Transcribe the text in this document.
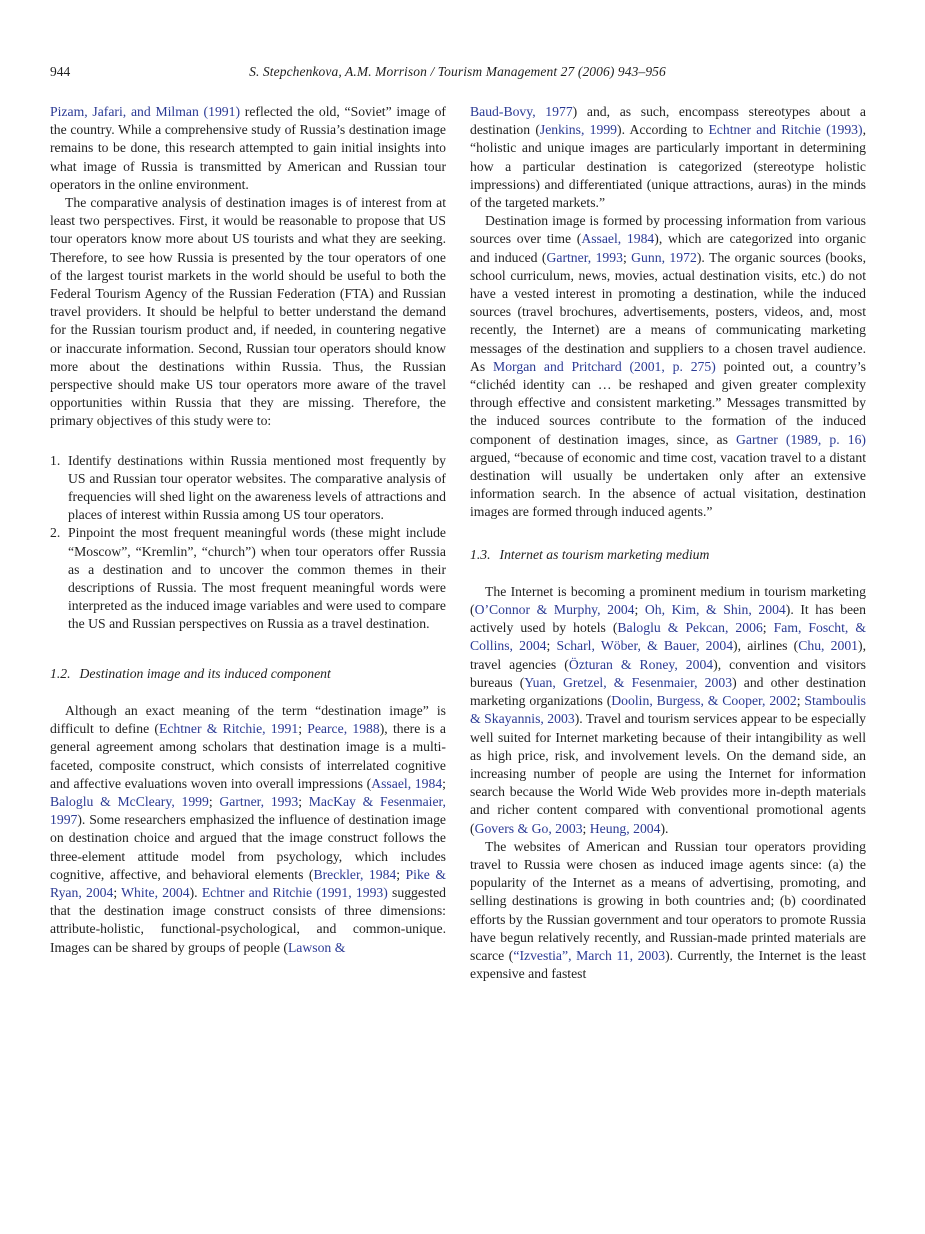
944	S. Stepchenkova, A.M. Morrison / Tourism Management 27 (2006) 943–956

Pizam, Jafari, and Milman (1991) reflected the old, “Soviet” image of the country. While a comprehensive study of Russia’s destination image remains to be done, this research attempted to gain initial insights into what image of Russia is transmitted by American and Russian tour operators in the online environment.

The comparative analysis of destination images is of interest from at least two perspectives. First, it would be reasonable to propose that US tour operators know more about US tourists and what they are seeking. Therefore, to see how Russia is presented by the tour operators of one of the largest tourist markets in the world should be useful to both the Federal Tourism Agency of the Russian Federation (FTA) and Russian travel providers. It should be helpful to better understand the demand for the Russian tourism product and, if needed, in countering negative or inaccurate information. Second, Russian tour operators should know more about the destinations within Russia. Thus, the Russian perspective should make US tour operators more aware of the travel opportunities within Russia that they are missing. Therefore, the primary objectives of this study were to:

1. Identify destinations within Russia mentioned most frequently by US and Russian tour operator websites. The comparative analysis of frequencies will shed light on the awareness levels of attractions and places of interest within Russia among US tour operators.
2. Pinpoint the most frequent meaningful words (these might include “Moscow”, “Kremlin”, “church”) when tour operators offer Russia as a destination and to uncover the common themes in their descriptions of Russia. The most frequent meaningful words were interpreted as the induced image variables and were used to compare the US and Russian perspectives on Russia as a travel destination.
1.2. Destination image and its induced component

Although an exact meaning of the term “destination image” is difficult to define (Echtner & Ritchie, 1991; Pearce, 1988), there is a general agreement among scholars that destination image is a multi-faceted, composite construct, which consists of interrelated cognitive and affective evaluations woven into overall impressions (Assael, 1984; Baloglu & McCleary, 1999; Gartner, 1993; MacKay & Fesenmaier, 1997). Some researchers emphasized the influence of destination image on destination choice and argued that the image construct follows the three-element attitude model from psychology, which includes cognitive, affective, and behavioral elements (Breckler, 1984; Pike & Ryan, 2004; White, 2004). Echtner and Ritchie (1991, 1993) suggested that the destination image construct consists of three dimensions: attribute-holistic, functional-psychological, and common-unique. Images can be shared by groups of people (Lawson &

Baud-Bovy, 1977) and, as such, encompass stereotypes about a destination (Jenkins, 1999). According to Echtner and Ritchie (1993), “holistic and unique images are particularly important in determining how a particular destination is categorized (stereotype holistic impressions) and differentiated (unique attractions, auras) in the minds of the targeted markets.”

Destination image is formed by processing information from various sources over time (Assael, 1984), which are categorized into organic and induced (Gartner, 1993; Gunn, 1972). The organic sources (books, school curriculum, news, movies, actual destination visits, etc.) do not have a vested interest in promoting a destination, while the induced sources (travel brochures, advertisements, posters, videos, and, most recently, the Internet) are a means of communicating marketing messages of the destination and suppliers to a chosen travel audience. As Morgan and Pritchard (2001, p. 275) pointed out, a country’s “clichéd identity can … be reshaped and given greater complexity through effective and consistent marketing.” Messages transmitted by the induced sources contribute to the formation of the induced component of destination images, since, as Gartner (1989, p. 16) argued, “because of economic and time cost, vacation travel to a distant destination will usually be undertaken only after an extensive information search. In the absence of actual visitation, destination images are formed through induced agents.”

1.3. Internet as tourism marketing medium

The Internet is becoming a prominent medium in tourism marketing (O’Connor & Murphy, 2004; Oh, Kim, & Shin, 2004). It has been actively used by hotels (Baloglu & Pekcan, 2006; Fam, Foscht, & Collins, 2004; Scharl, Wöber, & Bauer, 2004), airlines (Chu, 2001), travel agencies (Özturan & Roney, 2004), convention and visitors bureaus (Yuan, Gretzel, & Fesenmaier, 2003) and other destination marketing organizations (Doolin, Burgess, & Cooper, 2002; Stamboulis & Skayannis, 2003). Travel and tourism services appear to be especially well suited for Internet marketing because of their intangibility as well as high price, risk, and involvement levels. On the demand side, an increasing number of people are using the Internet for information search because the World Wide Web provides more in-depth materials and richer content compared with conventional promotional agents (Govers & Go, 2003; Heung, 2004).

The websites of American and Russian tour operators providing travel to Russia were chosen as induced image agents since: (a) the popularity of the Internet as a means of advertising, promoting, and selling destinations is growing in both countries and; (b) coordinated efforts by the Russian government and tour operators to promote Russia have begun relatively recently, and Russian-made printed materials are scarce (“Izvestia”, March 11, 2003). Currently, the Internet is the least expensive and fastest
